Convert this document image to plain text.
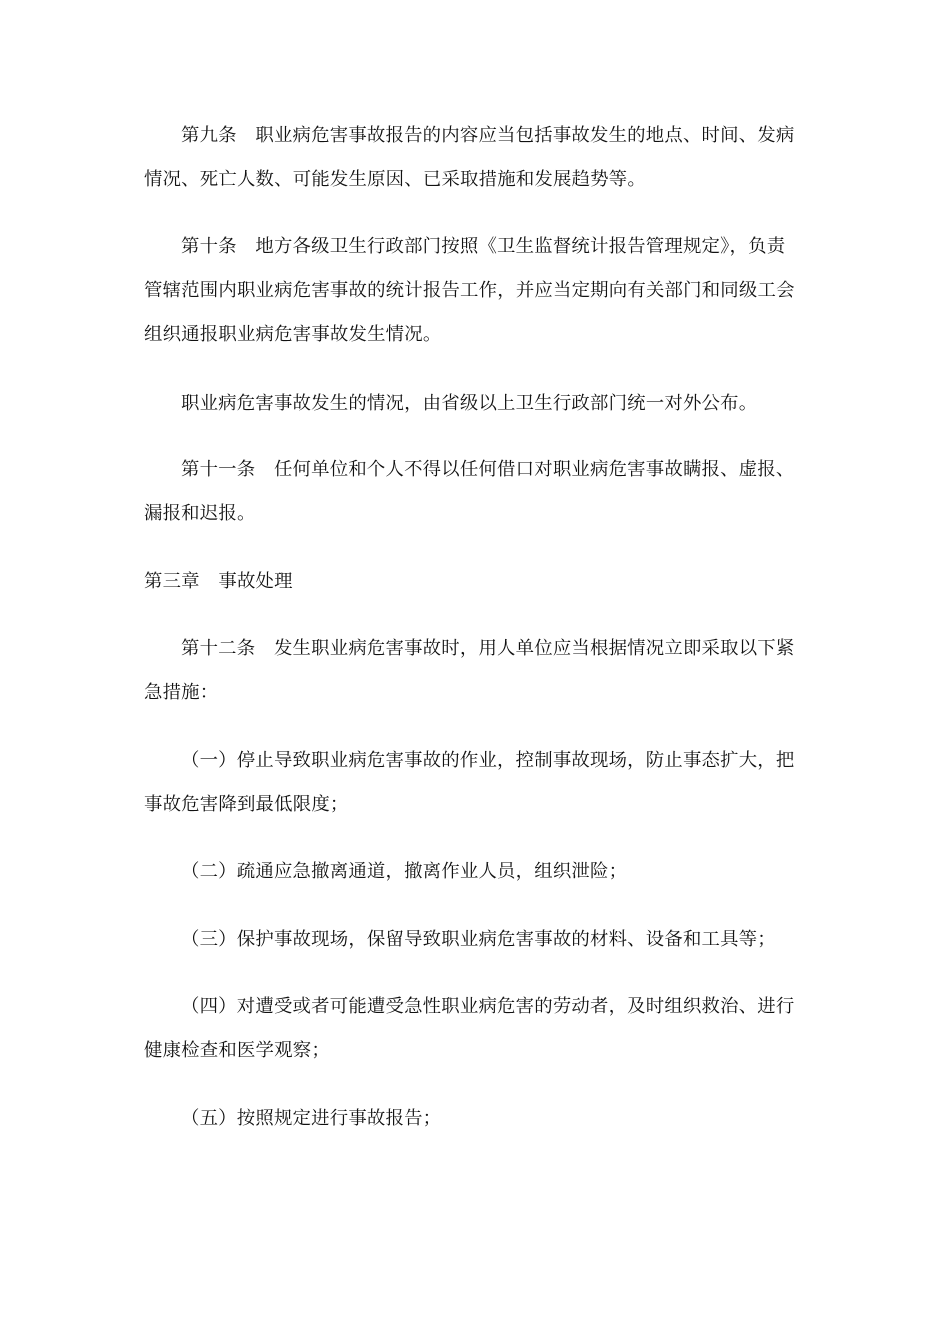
第九条　职业病危害事故报告的内容应当包括事故发生的地点、时间、发病
情况、死亡人数、可能发生原因、已采取措施和发展趋势等。
第十条　地方各级卫生行政部门按照《卫生监督统计报告管理规定》，负责
管辖范围内职业病危害事故的统计报告工作，并应当定期向有关部门和同级工会
组织通报职业病危害事故发生情况。
职业病危害事故发生的情况，由省级以上卫生行政部门统一对外公布。
第十一条　任何单位和个人不得以任何借口对职业病危害事故瞒报、虚报、
漏报和迟报。
第三章　事故处理
第十二条　发生职业病危害事故时，用人单位应当根据情况立即采取以下紧
急措施：
（一）停止导致职业病危害事故的作业，控制事故现场，防止事态扩大，把
事故危害降到最低限度；
（二）疏通应急撤离通道，撤离作业人员，组织泄险；
（三）保护事故现场，保留导致职业病危害事故的材料、设备和工具等；
（四）对遭受或者可能遭受急性职业病危害的劳动者，及时组织救治、进行
健康检查和医学观察；
（五）按照规定进行事故报告；
